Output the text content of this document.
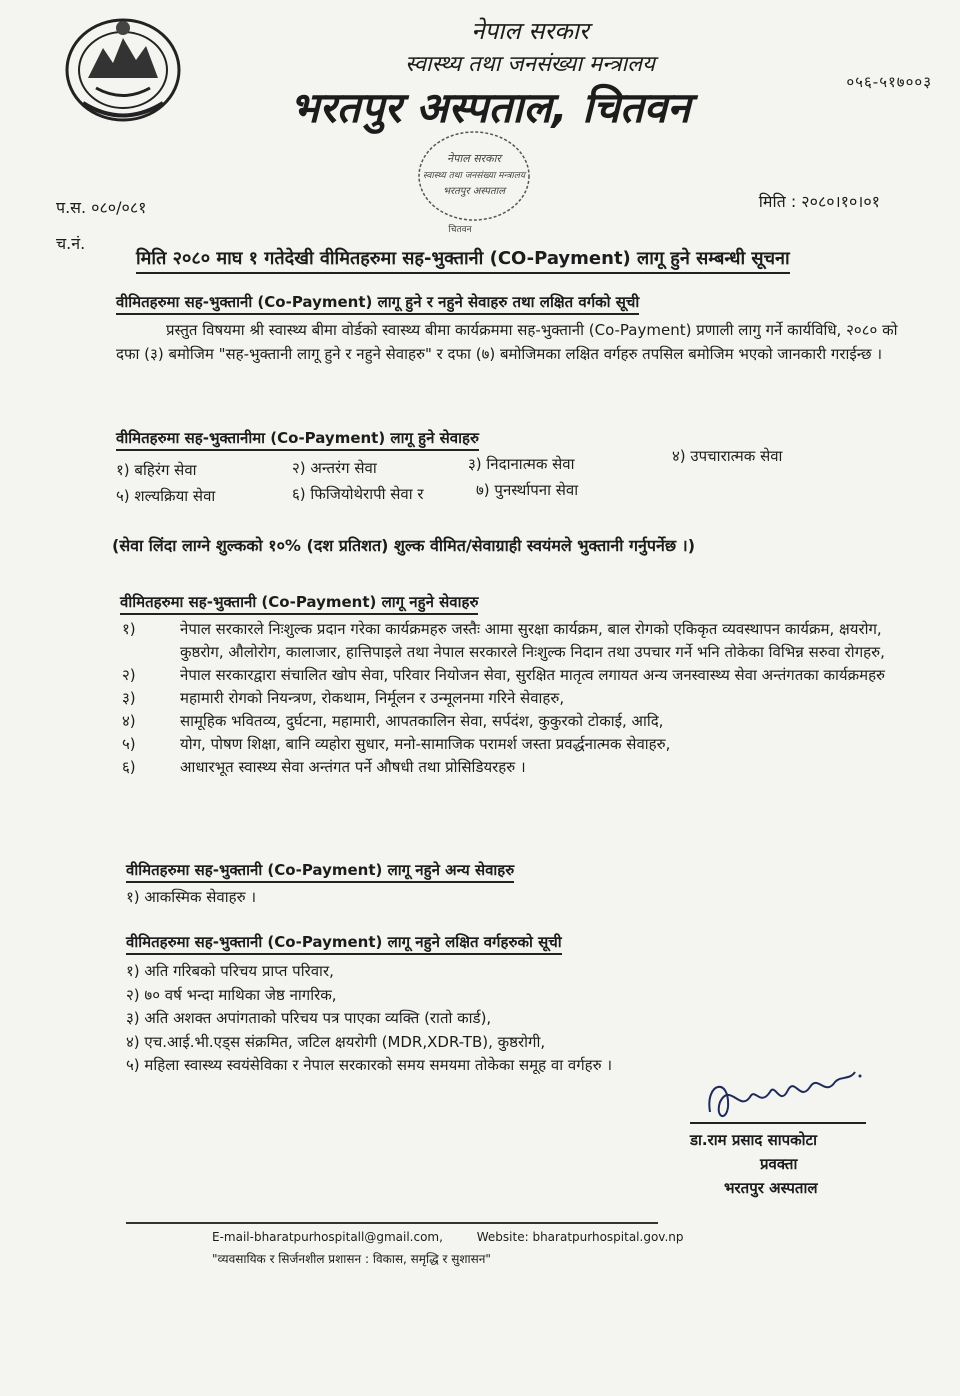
नेपाल सरकार
स्वास्थ्य तथा जनसंख्या मन्त्रालय
भरतपुर अस्पताल, चितवन
०५६-५१७००३
नेपाल सरकार
स्वास्थ्य तथा जनसंख्या मन्त्रालय
भरतपुर अस्पताल
चितवन
प.स. ०८०/०८१
च.नं.
मिति : २०८०।१०।०१
मिति २०८० माघ १ गतेदेखी वीमितहरुमा सह-भुक्तानी (CO-Payment) लागू हुने सम्बन्धी सूचना
वीमितहरुमा सह-भुक्तानी (Co-Payment) लागू हुने र नहुने सेवाहरु तथा लक्षित वर्गको सूची
प्रस्तुत विषयमा श्री स्वास्थ्य बीमा वोर्डको स्वास्थ्य बीमा कार्यक्रममा सह-भुक्तानी (Co-Payment) प्रणाली लागु गर्ने कार्यविधि, २०८० को दफा (३) बमोजिम "सह-भुक्तानी लागू हुने र नहुने सेवाहरु" र दफा (७) बमोजिमका लक्षित वर्गहरु तपसिल बमोजिम भएको जानकारी गराईन्छ ।
वीमितहरुमा सह-भुक्तानीमा (Co-Payment) लागू हुने सेवाहरु
१) बहिरंग सेवा	२) अन्तरंग सेवा	३) निदानात्मक सेवा	४) उपचारात्मक सेवा
५) शल्यक्रिया सेवा	६) फिजियोथेरापी सेवा र	७) पुनर्स्थापना सेवा
(सेवा लिंदा लाग्ने शुल्कको १०% (दश प्रतिशत) शुल्क वीमित/सेवाग्राही स्वयंमले भुक्तानी गर्नुपर्नेछ ।)
वीमितहरुमा सह-भुक्तानी (Co-Payment) लागू नहुने सेवाहरु
१)	नेपाल सरकारले निःशुल्क प्रदान गरेका कार्यक्रमहरु जस्तैः आमा सुरक्षा कार्यक्रम, बाल रोगको एकिकृत व्यवस्थापन कार्यक्रम, क्षयरोग, कुष्ठरोग, औलोरोग, कालाजार, हात्तिपाइले तथा नेपाल सरकारले निःशुल्क निदान तथा उपचार गर्ने भनि तोकेका विभिन्न सरुवा रोगहरु,
२)	नेपाल सरकारद्वारा संचालित खोप सेवा, परिवार नियोजन सेवा, सुरक्षित मातृत्व लगायत अन्य जनस्वास्थ्य सेवा अन्तंगतका कार्यक्रमहरु
३)	महामारी रोगको नियन्त्रण, रोकथाम, निर्मूलन र उन्मूलनमा गरिने सेवाहरु,
४)	सामूहिक भवितव्य, दुर्घटना, महामारी, आपतकालिन सेवा, सर्पदंश, कुकुरको टोकाई, आदि,
५)	योग, पोषण शिक्षा, बानि व्यहोरा सुधार, मनो-सामाजिक परामर्श जस्ता प्रवर्द्धनात्मक सेवाहरु,
६)	आधारभूत स्वास्थ्य सेवा अन्तंगत पर्ने औषधी तथा प्रोसिडियरहरु ।
वीमितहरुमा सह-भुक्तानी (Co-Payment) लागू नहुने अन्य सेवाहरु
१) आकस्मिक सेवाहरु ।
वीमितहरुमा सह-भुक्तानी (Co-Payment) लागू नहुने लक्षित वर्गहरुको सूची
१) अति गरिबको परिचय प्राप्त परिवार,
२) ७० वर्ष भन्दा माथिका जेष्ठ नागरिक,
३) अति अशक्त अपांगताको परिचय पत्र पाएका व्यक्ति (रातो कार्ड),
४) एच.आई.भी.एड्स संक्रमित, जटिल क्षयरोगी (MDR,XDR-TB), कुष्ठरोगी,
५) महिला स्वास्थ्य स्वयंसेविका र नेपाल सरकारको समय समयमा तोकेका समूह वा वर्गहरु ।
डा.राम प्रसाद सापकोटा
प्रवक्ता
भरतपुर अस्पताल
E-mail-bharatpurhospitall@gmail.com,	Website: bharatpurhospital.gov.np
"व्यवसायिक र सिर्जनशील प्रशासन : विकास, समृद्धि र सुशासन"
